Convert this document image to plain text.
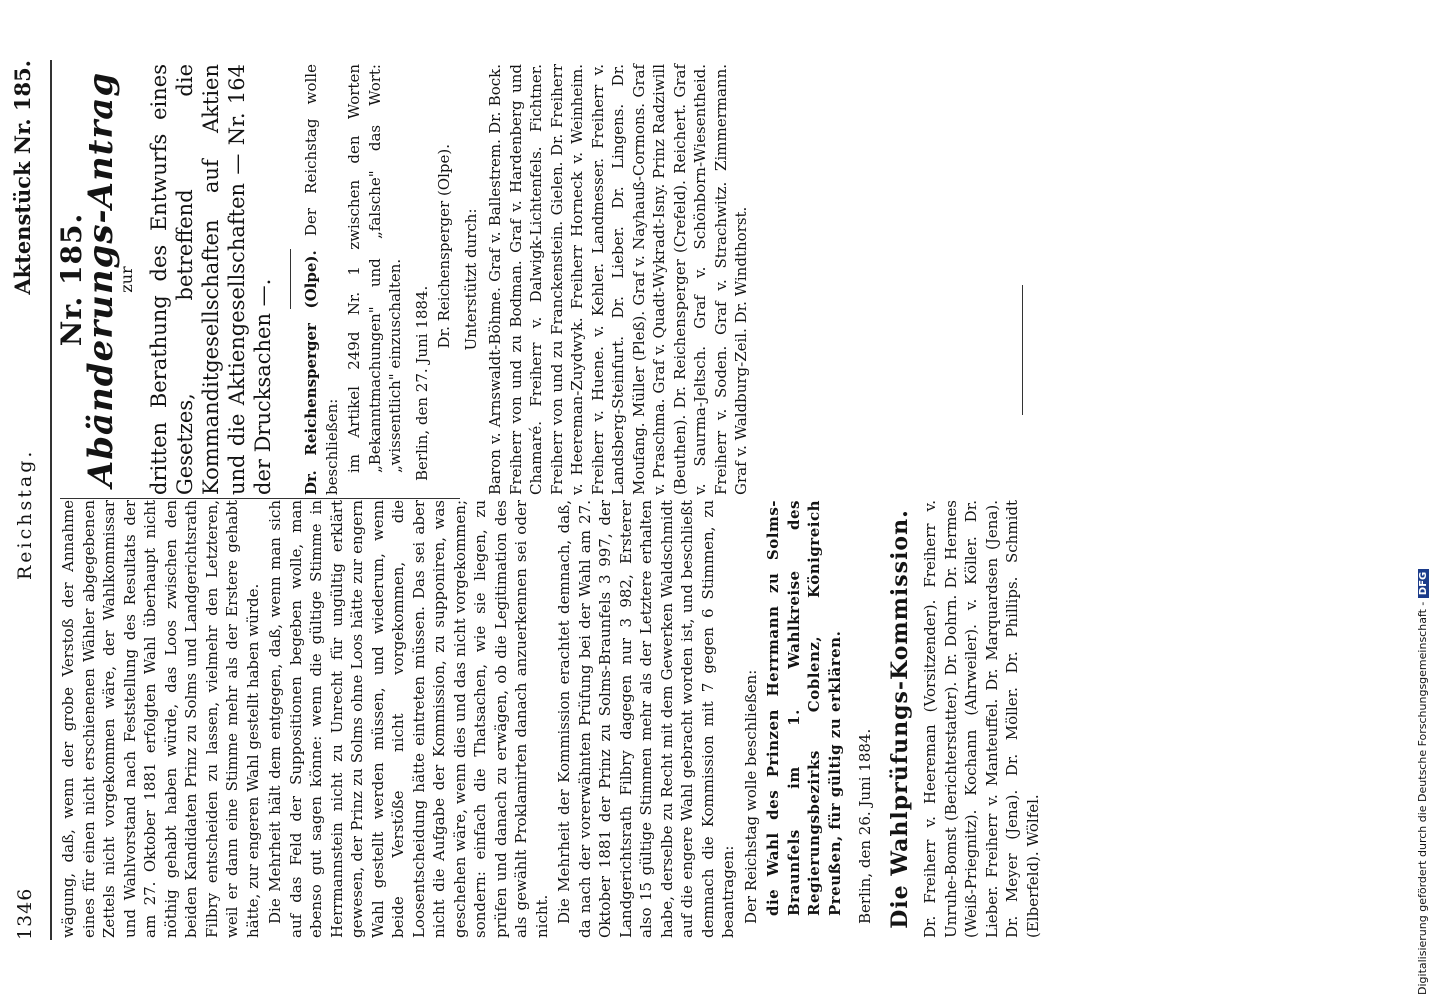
1346
Reichstag.
Aktenstück Nr. 185.

wägung, daß, wenn der grobe Verstoß der Annahme eines für einen nicht erschienenen Wähler abgegebenen Zettels nicht vorgekommen wäre, der Wahlkommissar und Wahlvorstand nach Feststellung des Resultats der am 27. Oktober 1881 erfolgten Wahl überhaupt nicht nöthig gehabt haben würde, das Loos zwischen den beiden Kandidaten Prinz zu Solms und Landgerichtsrath Filbry entscheiden zu lassen, vielmehr den Letzteren, weil er dann eine Stimme mehr als der Erstere gehabt hätte, zur engeren Wahl gestellt haben würde. Die Mehrheit hält dem entgegen, daß, wenn man sich auf das Feld der Suppositionen begeben wolle, man ebenso gut sagen könne: wenn die gültige Stimme in Herrmannstein nicht zu Unrecht für ungültig erklärt gewesen, der Prinz zu Solms ohne Loos hätte zur engern Wahl gestellt werden müssen, und wiederum, wenn beide Verstöße nicht vorgekommen, die Loosentscheidung hätte eintreten müssen. Das sei aber nicht die Aufgabe der Kommission, zu supponiren, was geschehen wäre, wenn dies und das nicht vorgekommen; sondern: einfach die Thatsachen, wie sie liegen, zu prüfen und danach zu erwägen, ob die Legitimation des als gewählt Proklamirten danach anzuerkennen sei oder nicht. Die Mehrheit der Kommission erachtet demnach, daß, da nach der vorerwähnten Prüfung bei der Wahl am 27. Oktober 1881 der Prinz zu Solms-Braunfels 3 997, der Landgerichtsrath Filbry dagegen nur 3 982, Ersterer also 15 gültige Stimmen mehr als der Letztere erhalten habe, derselbe zu Recht mit dem Gewerken Waldschmidt auf die engere Wahl gebracht worden ist, und beschließt demnach die Kommission mit 7 gegen 6 Stimmen, zu beantragen: Der Reichstag wolle beschließen: die Wahl des Prinzen Herrmann zu Solms-Braunfels im 1. Wahlkreise des Regierungsbezirks Coblenz, Königreich Preußen, für gültig zu erklären. Berlin, den 26. Juni 1884. Die Wahlprüfungs-Kommission. Dr. Freiherr v. Heereman (Vorsitzender). Freiherr v. Unruhe-Bomst (Berichterstatter). Dr. Dohrn. Dr. Hermes (Weiß-Priegnitz). Kochann (Ahrweiler). v. Köller. Dr. Lieber. Freiherr v. Manteuffel. Dr. Marquardsen (Jena). Dr. Meyer (Jena). Dr. Möller. Dr. Phillips. Schmidt (Elberfeld). Wölfel.

Nr. 185.
Abänderungs-Antrag
zur dritten Berathung des Entwurfs eines Gesetzes, betreffend die Kommanditgesellschaften auf Aktien und die Aktiengesellschaften — Nr. 164 der Drucksachen —. Dr. Reichensperger (Olpe). Der Reichstag wolle beschließen: im Artikel 249d Nr. 1 zwischen den Worten „Bekanntmachungen" und „falsche" das Wort: „wissentlich" einzuschalten. Berlin, den 27. Juni 1884.

Dr. Reichensperger (Olpe). Unterstützt durch: Baron v. Arnswaldt-Böhme. Graf v. Ballestrem. Dr. Bock. Freiherr von und zu Bodman. Graf v. Hardenberg und Chamaré. Freiherr v. Dalwigk-Lichtenfels. Fichtner. Freiherr von und zu Franckenstein. Gielen. Dr. Freiherr v. Heereman-Zuydwyk. Freiherr Horneck v. Weinheim. Freiherr v. Huene. v. Kehler. Landmesser. Freiherr v. Landsberg-Steinfurt. Dr. Lieber. Dr. Lingens. Dr. Moufang. Müller (Pleß). Graf v. Nayhauß-Cormons. Graf v. Praschma. Graf v. Quadt-Wykradt-Isny. Prinz Radziwill (Beuthen). Dr. Reichensperger (Crefeld). Reichert. Graf v. Saurma-Jeltsch. Graf v. Schönborn-Wiesentheid. Freiherr v. Soden. Graf v. Strachwitz. Zimmermann. Graf v. Waldburg-Zeil. Dr. Windthorst.

Digitalisierung gefördert durch die Deutsche Forschungsgemeinschaft - DFG
